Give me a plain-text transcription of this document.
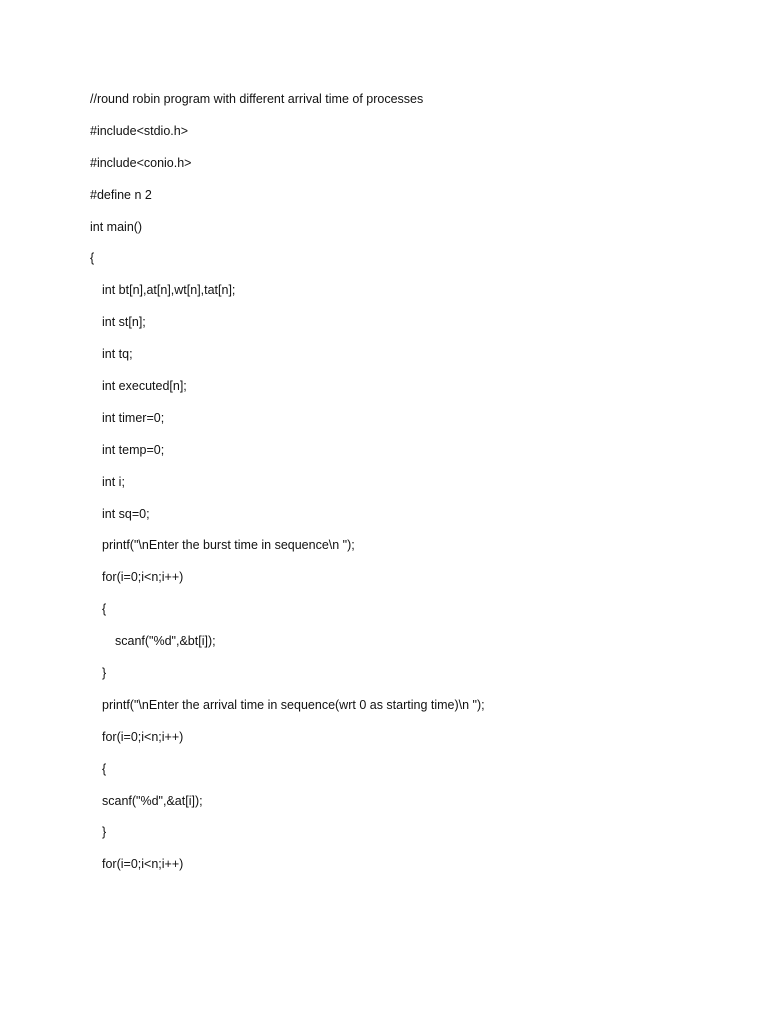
//round robin program with different arrival time of processes
#include<stdio.h>
#include<conio.h>
#define n 2
int main()
{
int bt[n],at[n],wt[n],tat[n];
int st[n];
int tq;
int executed[n];
int timer=0;
int temp=0;
int i;
int sq=0;
printf("\nEnter the burst time in sequence\n ");
for(i=0;i<n;i++)
{
scanf("%d",&bt[i]);
}
printf("\nEnter the arrival time in sequence(wrt 0 as starting time)\n ");
for(i=0;i<n;i++)
{
scanf("%d",&at[i]);
}
for(i=0;i<n;i++)
